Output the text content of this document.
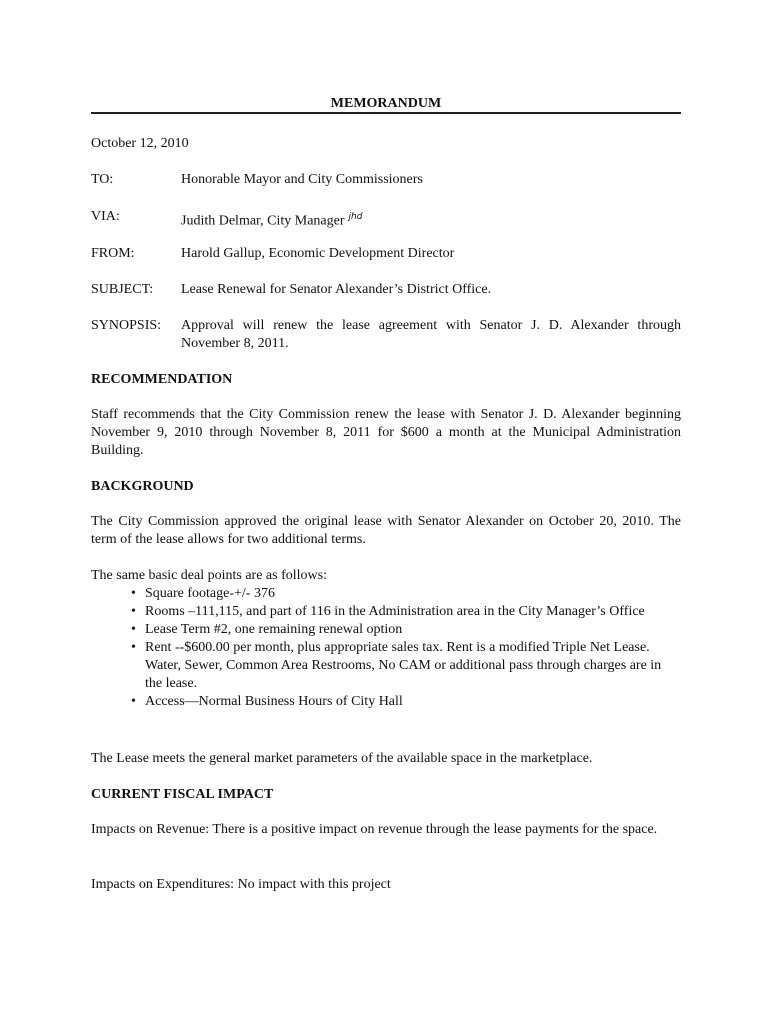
MEMORANDUM
October 12, 2010
TO:	Honorable Mayor and City Commissioners
VIA:	Judith Delmar, City Manager $^{jhd}$
FROM:	Harold Gallup, Economic Development Director
SUBJECT: Lease Renewal for Senator Alexander’s District Office.
SYNOPSIS: Approval will renew the lease agreement with Senator J. D. Alexander through November 8, 2011.
RECOMMENDATION
Staff recommends that the City Commission renew the lease with Senator J. D. Alexander beginning November 9, 2010 through November 8, 2011 for $600 a month at the Municipal Administration Building.
BACKGROUND
The City Commission approved the original lease with Senator Alexander on October 20, 2010. The term of the lease allows for two additional terms.
The same basic deal points are as follows:
• Square footage-+/- 376
• Rooms –111,115, and part of 116 in the Administration area in the City Manager’s Office
• Lease Term #2, one remaining renewal option
• Rent --$600.00 per month, plus appropriate sales tax. Rent is a modified Triple Net Lease. Water, Sewer, Common Area Restrooms, No CAM or additional pass through charges are in the lease.
• Access—Normal Business Hours of City Hall
The Lease meets the general market parameters of the available space in the marketplace.
CURRENT FISCAL IMPACT
Impacts on Revenue: There is a positive impact on revenue through the lease payments for the space.
Impacts on Expenditures: No impact with this project
